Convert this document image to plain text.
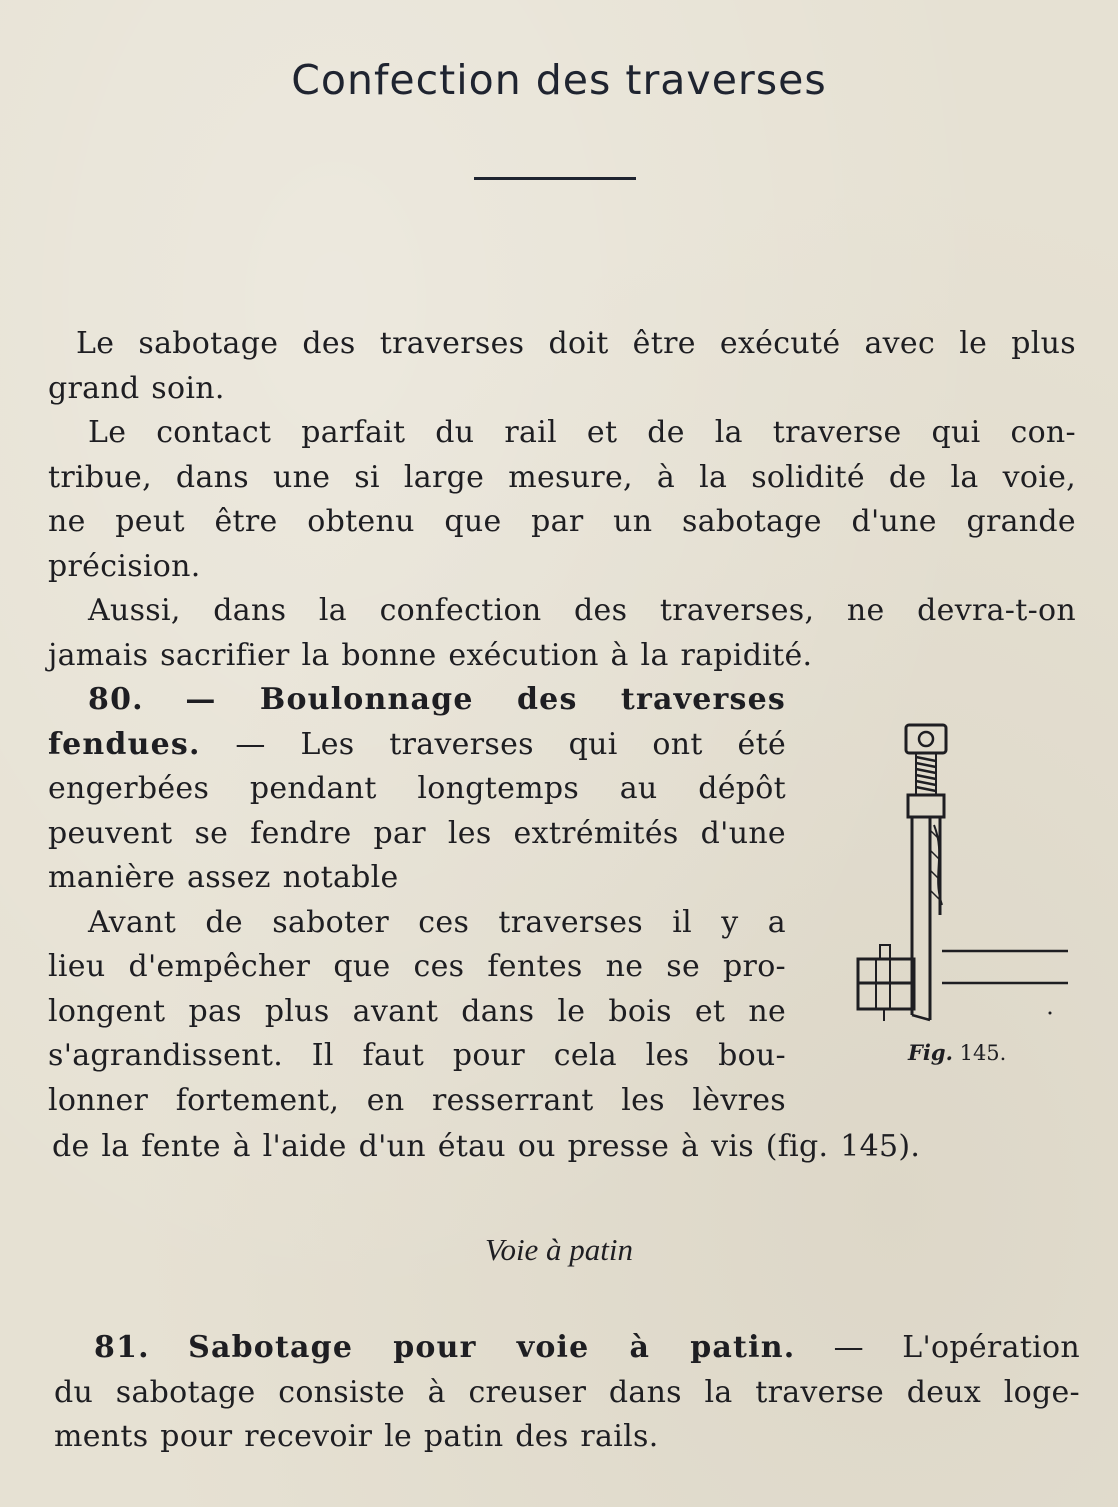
Confection des traverses
Le sabotage des traverses doit être exécuté avec le plus
grand soin.
Le contact parfait du rail et de la traverse qui con-
tribue, dans une si large mesure, à la solidité de la voie,
ne peut être obtenu que par un sabotage d'une grande
précision.
Aussi, dans la confection des traverses, ne devra-t-on
jamais sacrifier la bonne exécution à la rapidité.
80. — Boulonnage des traverses
fendues. — Les traverses qui ont été
engerbées pendant longtemps au dépôt
peuvent se fendre par les extrémités d'une
manière assez notable
Avant de saboter ces traverses il y a
lieu d'empêcher que ces fentes ne se pro-
longent pas plus avant dans le bois et ne
s'agrandissent. Il faut pour cela les bou-
lonner fortement, en resserrant les lèvres
de la fente à l'aide d'un étau ou presse à vis (fig. 145).
Fig. 145.
Voie à patin
81. Sabotage pour voie à patin. — L'opération
du sabotage consiste à creuser dans la traverse deux loge-
ments pour recevoir le patin des rails.
